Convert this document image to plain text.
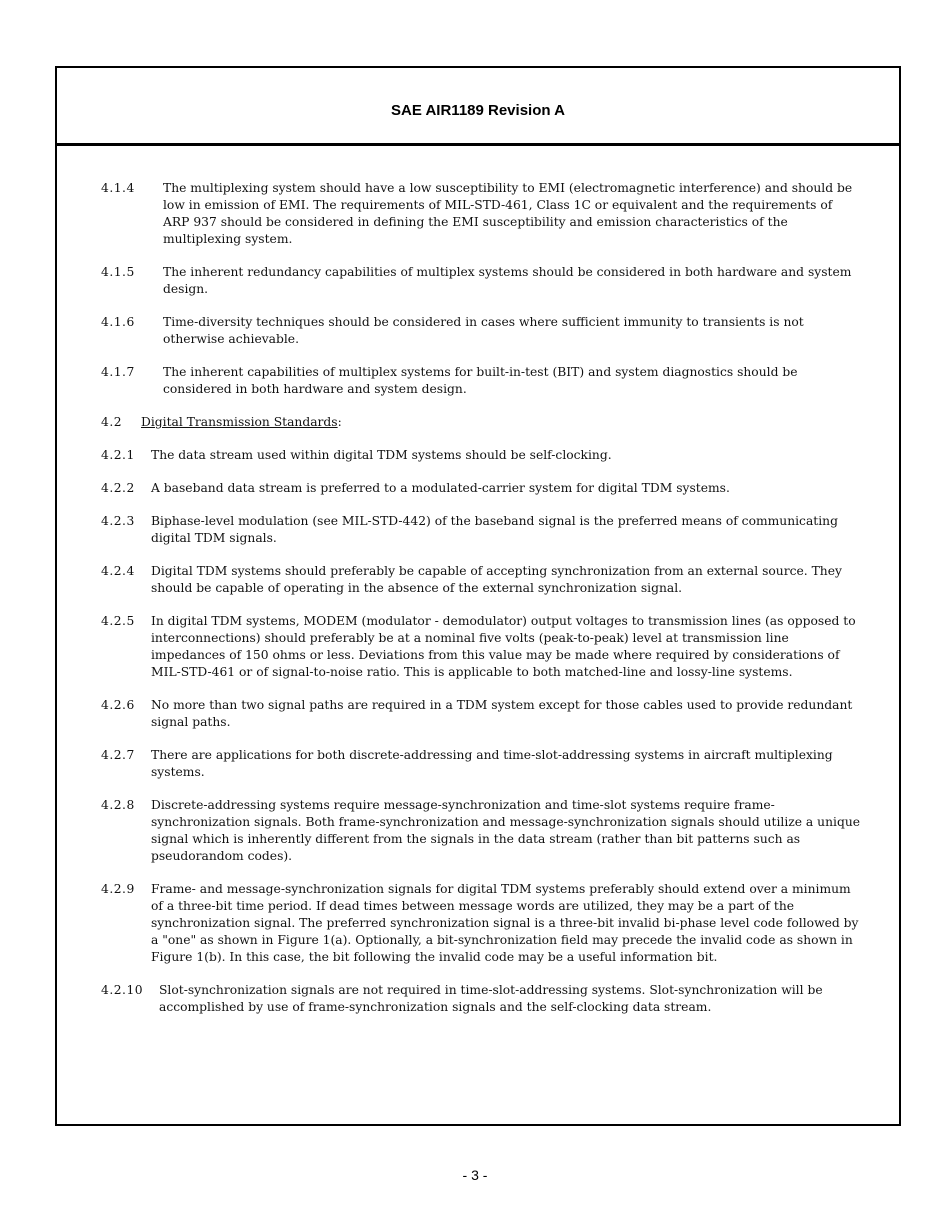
SAE AIR1189 Revision A
4.1.4	The multiplexing system should have a low susceptibility to EMI (electromagnetic interference) and should be low in emission of EMI. The requirements of MIL-STD-461, Class 1C or equivalent and the requirements of ARP 937 should be considered in defining the EMI susceptibility and emission characteristics of the multiplexing system.
4.1.5	The inherent redundancy capabilities of multiplex systems should be considered in both hardware and system design.
4.1.6	Time-diversity techniques should be considered in cases where sufficient immunity to transients is not otherwise achievable.
4.1.7	The inherent capabilities of multiplex systems for built-in-test (BIT) and system diagnostics should be considered in both hardware and system design.
4.2	Digital Transmission Standards:
4.2.1	The data stream used within digital TDM systems should be self-clocking.
4.2.2	A baseband data stream is preferred to a modulated-carrier system for digital TDM systems.
4.2.3	Biphase-level modulation (see MIL-STD-442) of the baseband signal is the preferred means of communicating digital TDM signals.
4.2.4	Digital TDM systems should preferably be capable of accepting synchronization from an external source. They should be capable of operating in the absence of the external synchronization signal.
4.2.5	In digital TDM systems, MODEM (modulator - demodulator) output voltages to transmission lines (as opposed to interconnections) should preferably be at a nominal five volts (peak-to-peak) level at transmission line impedances of 150 ohms or less. Deviations from this value may be made where required by considerations of MIL-STD-461 or of signal-to-noise ratio. This is applicable to both matched-line and lossy-line systems.
4.2.6	No more than two signal paths are required in a TDM system except for those cables used to provide redundant signal paths.
4.2.7	There are applications for both discrete-addressing and time-slot-addressing systems in aircraft multiplexing systems.
4.2.8	Discrete-addressing systems require message-synchronization and time-slot systems require frame-synchronization signals. Both frame-synchronization and message-synchronization signals should utilize a unique signal which is inherently different from the signals in the data stream (rather than bit patterns such as pseudorandom codes).
4.2.9	Frame- and message-synchronization signals for digital TDM systems preferably should extend over a minimum of a three-bit time period. If dead times between message words are utilized, they may be a part of the synchronization signal. The preferred synchronization signal is a three-bit invalid bi-phase level code followed by a "one" as shown in Figure 1(a). Optionally, a bit-synchronization field may precede the invalid code as shown in Figure 1(b). In this case, the bit following the invalid code may be a useful information bit.
4.2.10	Slot-synchronization signals are not required in time-slot-addressing systems. Slot-synchronization will be accomplished by use of frame-synchronization signals and the self-clocking data stream.
- 3 -
